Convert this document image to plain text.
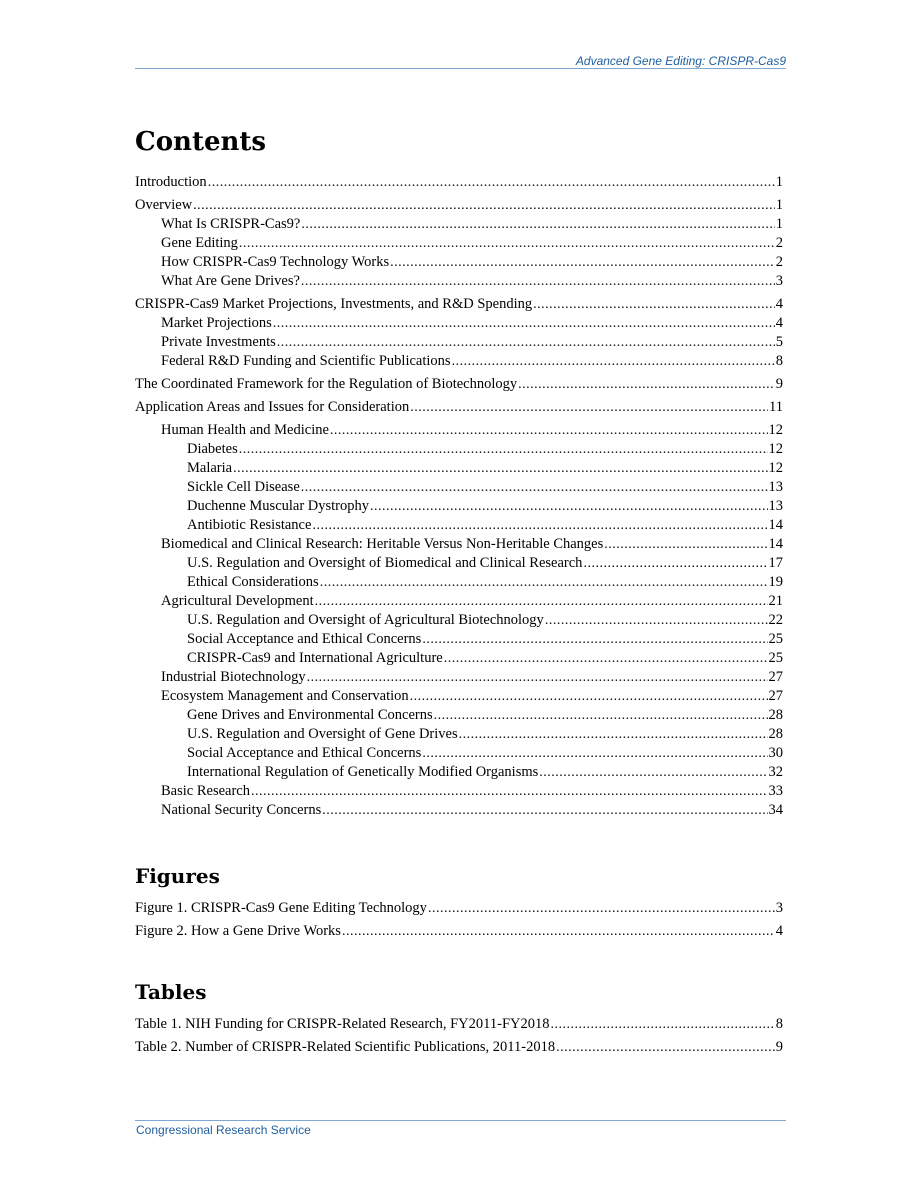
Advanced Gene Editing: CRISPR-Cas9
Contents
Introduction .....	1
Overview .....	1
What Is CRISPR-Cas9? .....	1
Gene Editing .....	2
How CRISPR-Cas9 Technology Works .....	2
What Are Gene Drives? .....	3
CRISPR-Cas9 Market Projections, Investments, and R&D Spending .....	4
Market Projections .....	4
Private Investments .....	5
Federal R&D Funding and Scientific Publications .....	8
The Coordinated Framework for the Regulation of Biotechnology .....	9
Application Areas and Issues for Consideration .....	11
Human Health and Medicine .....	12
Diabetes .....	12
Malaria .....	12
Sickle Cell Disease .....	13
Duchenne Muscular Dystrophy .....	13
Antibiotic Resistance .....	14
Biomedical and Clinical Research: Heritable Versus Non-Heritable Changes .....	14
U.S. Regulation and Oversight of Biomedical and Clinical Research .....	17
Ethical Considerations .....	19
Agricultural Development .....	21
U.S. Regulation and Oversight of Agricultural Biotechnology .....	22
Social Acceptance and Ethical Concerns .....	25
CRISPR-Cas9 and International Agriculture .....	25
Industrial Biotechnology .....	27
Ecosystem Management and Conservation .....	27
Gene Drives and Environmental Concerns .....	28
U.S. Regulation and Oversight of Gene Drives .....	28
Social Acceptance and Ethical Concerns .....	30
International Regulation of Genetically Modified Organisms .....	32
Basic Research .....	33
National Security Concerns .....	34
Figures
Figure 1. CRISPR-Cas9 Gene Editing Technology .....	3
Figure 2. How a Gene Drive Works .....	4
Tables
Table 1. NIH Funding for CRISPR-Related Research, FY2011-FY2018 .....	8
Table 2. Number of CRISPR-Related Scientific Publications, 2011-2018 .....	9
Congressional Research Service
